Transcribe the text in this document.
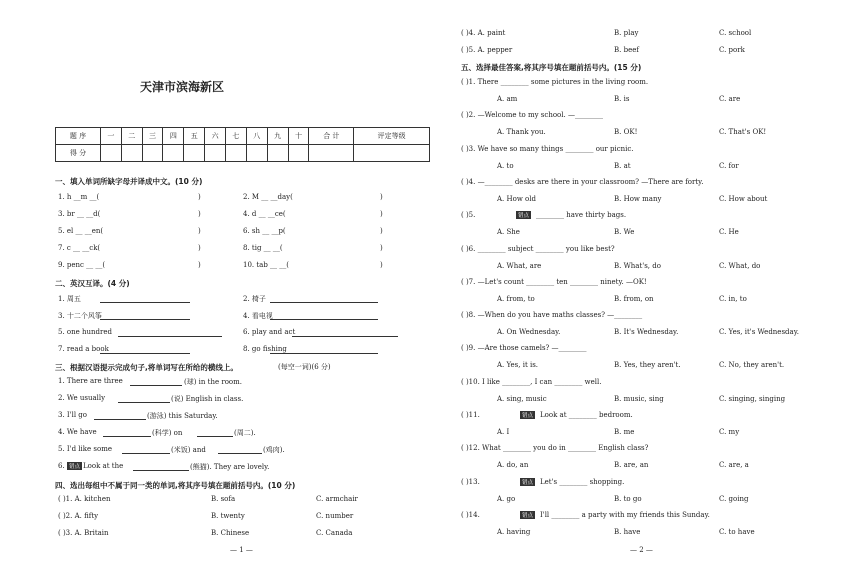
天津市滨海新区
题 序	一	二	三	四	五	六	七	八	九	十	合 计	评定等级
得 分												
一、填入单词所缺字母并译成中文。(10 分)
1. h __m __(	)	2. M __ __day(	)
3. br __ __d(	)	4. d __ __ce(	)
5. el __ __en(	)	6. sh __ __p(	)
7. c __ __ck(	)	8. tig __ __(	)
9. penc __ __(	)	10. tab __ __(	)
二、英汉互译。(4 分)
1. 周五	2. 椅子
3. 十二个风筝	4. 看电视
5. one hundred	6. play and act
7. read a book	8. go fishing
三、根据汉语提示完成句子,将单词写在所给的横线上。	(每空一词)(6 分)
1. There are three	(球) in the room.
2. We usually	(说) English in class.
3. I'll go	(游泳) this Saturday.
4. We have	(科学) on	(周二).
5. I'd like some	(米饭) and	(鸡肉).
6. 错点 Look at the	(熊猫). They are lovely.
四、选出每组中不属于同一类的单词,将其序号填在题前括号内。(10 分)
( )1. A. kitchen	B. sofa	C. armchair
( )2. A. fifty	B. twenty	C. number
( )3. A. Britain	B. Chinese	C. Canada
( )4. A. paint	B. play	C. school
( )5. A. pepper	B. beef	C. pork
五、选择最佳答案,将其序号填在题前括号内。(15 分)
( )1. There ________ some pictures in the living room.
A. am	B. is	C. are
( )2. —Welcome to my school. —________
A. Thank you.	B. OK!	C. That's OK!
( )3. We have so many things ________ our picnic.
A. to	B. at	C. for
( )4. —________ desks are there in your classroom? —There are forty.
A. How old	B. How many	C. How about
( )5.	错点 ________ have thirty bags.
A. She	B. We	C. He
( )6. ________ subject ________ you like best?
A. What, are	B. What's, do	C. What, do
( )7. —Let's count ________ ten ________ ninety. —OK!
A. from, to	B. from, on	C. in, to
( )8. —When do you have maths classes? —________
A. On Wednesday.	B. It's Wednesday.	C. Yes, it's Wednesday.
( )9. —Are those camels? —________
A. Yes, it is.	B. Yes, they aren't.	C. No, they aren't.
( )10. I like ________, I can ________ well.
A. sing, music	B. music, sing	C. singing, singing
( )11.	错点 Look at ________ bedroom.
A. I	B. me	C. my
( )12. What ________ you do in ________ English class?
A. do, an	B. are, an	C. are, a
( )13.	错点 Let's ________ shopping.
A. go	B. to go	C. going
( )14.	错点 I'll ________ a party with my friends this Sunday.
A. having	B. have	C. to have
— 1 —	— 2 —
